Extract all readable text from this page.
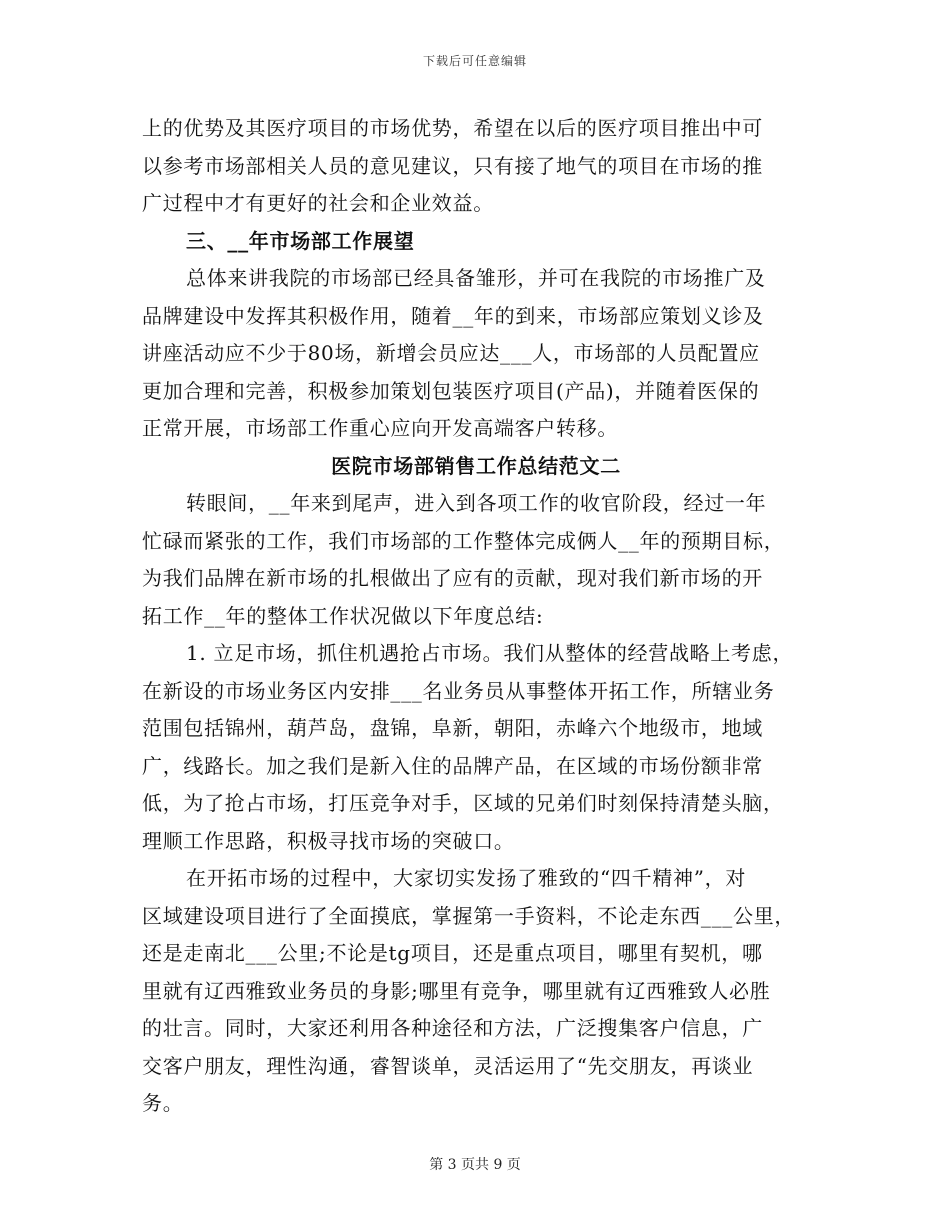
下载后可任意编辑
上的优势及其医疗项目的市场优势，希望在以后的医疗项目推出中可
以参考市场部相关人员的意见建议，只有接了地气的项目在市场的推
广过程中才有更好的社会和企业效益。
三、__年市场部工作展望
总体来讲我院的市场部已经具备雏形，并可在我院的市场推广及
品牌建设中发挥其积极作用，随着__年的到来，市场部应策划义诊及
讲座活动应不少于80场，新增会员应达___人，市场部的人员配置应
更加合理和完善，积极参加策划包装医疗项目(产品)，并随着医保的
正常开展，市场部工作重心应向开发高端客户转移。
医院市场部销售工作总结范文二
转眼间，__年来到尾声，进入到各项工作的收官阶段，经过一年
忙碌而紧张的工作，我们市场部的工作整体完成俩人__年的预期目标，
为我们品牌在新市场的扎根做出了应有的贡献，现对我们新市场的开
拓工作__年的整体工作状况做以下年度总结:
1. 立足市场，抓住机遇抢占市场。我们从整体的经营战略上考虑，
在新设的市场业务区内安排___名业务员从事整体开拓工作，所辖业务
范围包括锦州，葫芦岛，盘锦，阜新，朝阳，赤峰六个地级市，地域
广，线路长。加之我们是新入住的品牌产品，在区域的市场份额非常
低，为了抢占市场，打压竞争对手，区域的兄弟们时刻保持清楚头脑，
理顺工作思路，积极寻找市场的突破口。
在开拓市场的过程中，大家切实发扬了雅致的“四千精神”，对
区域建设项目进行了全面摸底，掌握第一手资料，不论走东西___公里，
还是走南北___公里;不论是tg项目，还是重点项目，哪里有契机，哪
里就有辽西雅致业务员的身影;哪里有竞争，哪里就有辽西雅致人必胜
的壮言。同时，大家还利用各种途径和方法，广泛搜集客户信息，广
交客户朋友，理性沟通，睿智谈单，灵活运用了“先交朋友，再谈业
务。
第 3 页共 9 页
